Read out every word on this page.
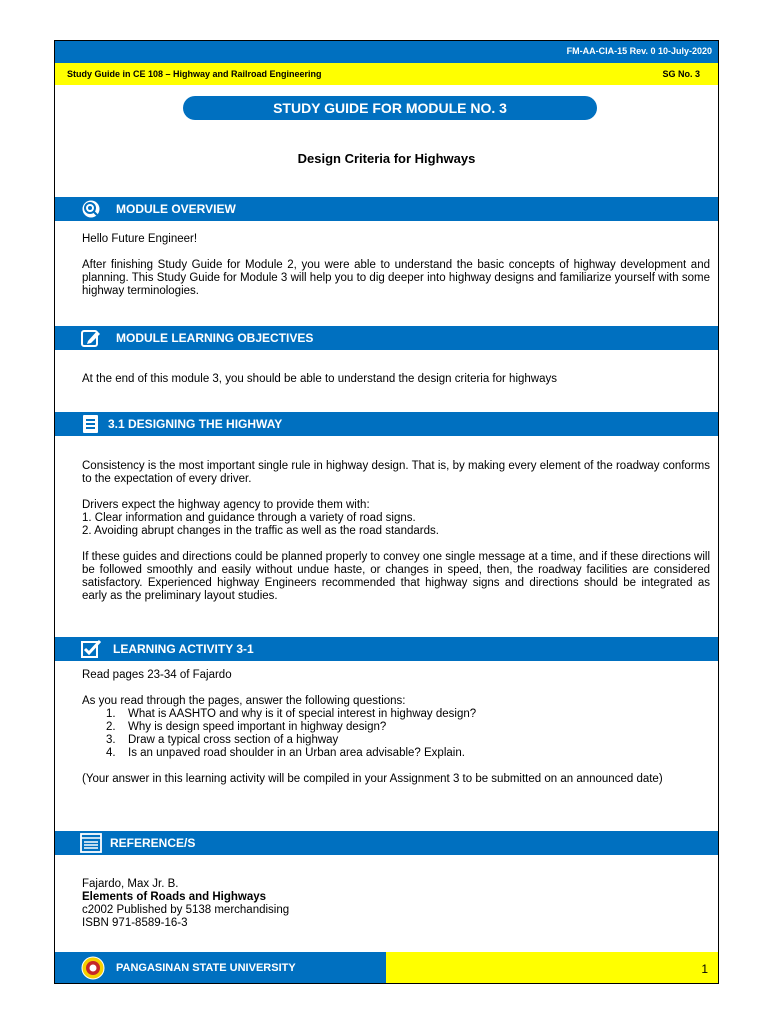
FM-AA-CIA-15 Rev. 0 10-July-2020
Study Guide in CE 108 – Highway and Railroad Engineering	SG No. 3
STUDY GUIDE FOR MODULE NO. 3
Design Criteria for Highways
MODULE OVERVIEW

Hello Future Engineer!

After finishing Study Guide for Module 2, you were able to understand the basic concepts of highway development and planning. This Study Guide for Module 3 will help you to dig deeper into highway designs and familiarize yourself with some highway terminologies.

MODULE LEARNING OBJECTIVES

At the end of this module 3, you should be able to understand the design criteria for highways

3.1 DESIGNING THE HIGHWAY

Consistency is the most important single rule in highway design. That is, by making every element of the roadway conforms to the expectation of every driver.

Drivers expect the highway agency to provide them with:

1. Clear information and guidance through a variety of road signs.

2. Avoiding abrupt changes in the traffic as well as the road standards.

If these guides and directions could be planned properly to convey one single message at a time, and if these directions will be followed smoothly and easily without undue haste, or changes in speed, then, the roadway facilities are considered satisfactory. Experienced highway Engineers recommended that highway signs and directions should be integrated as early as the preliminary layout studies.

LEARNING ACTIVITY 3-1

Read pages 23-34 of Fajardo

As you read through the pages, answer the following questions:

1. What is AASHTO and why is it of special interest in highway design?
2. Why is design speed important in highway design?
3. Draw a typical cross section of a highway
4. Is an unpaved road shoulder in an Urban area advisable? Explain.

(Your answer in this learning activity will be compiled in your Assignment 3 to be submitted on an announced date)

REFERENCE/S

Fajardo, Max Jr. B.

Elements of Roads and Highways

c2002 Published by 5138 merchandising

ISBN 971-8589-16-3

PANGASINAN STATE UNIVERSITY	1
